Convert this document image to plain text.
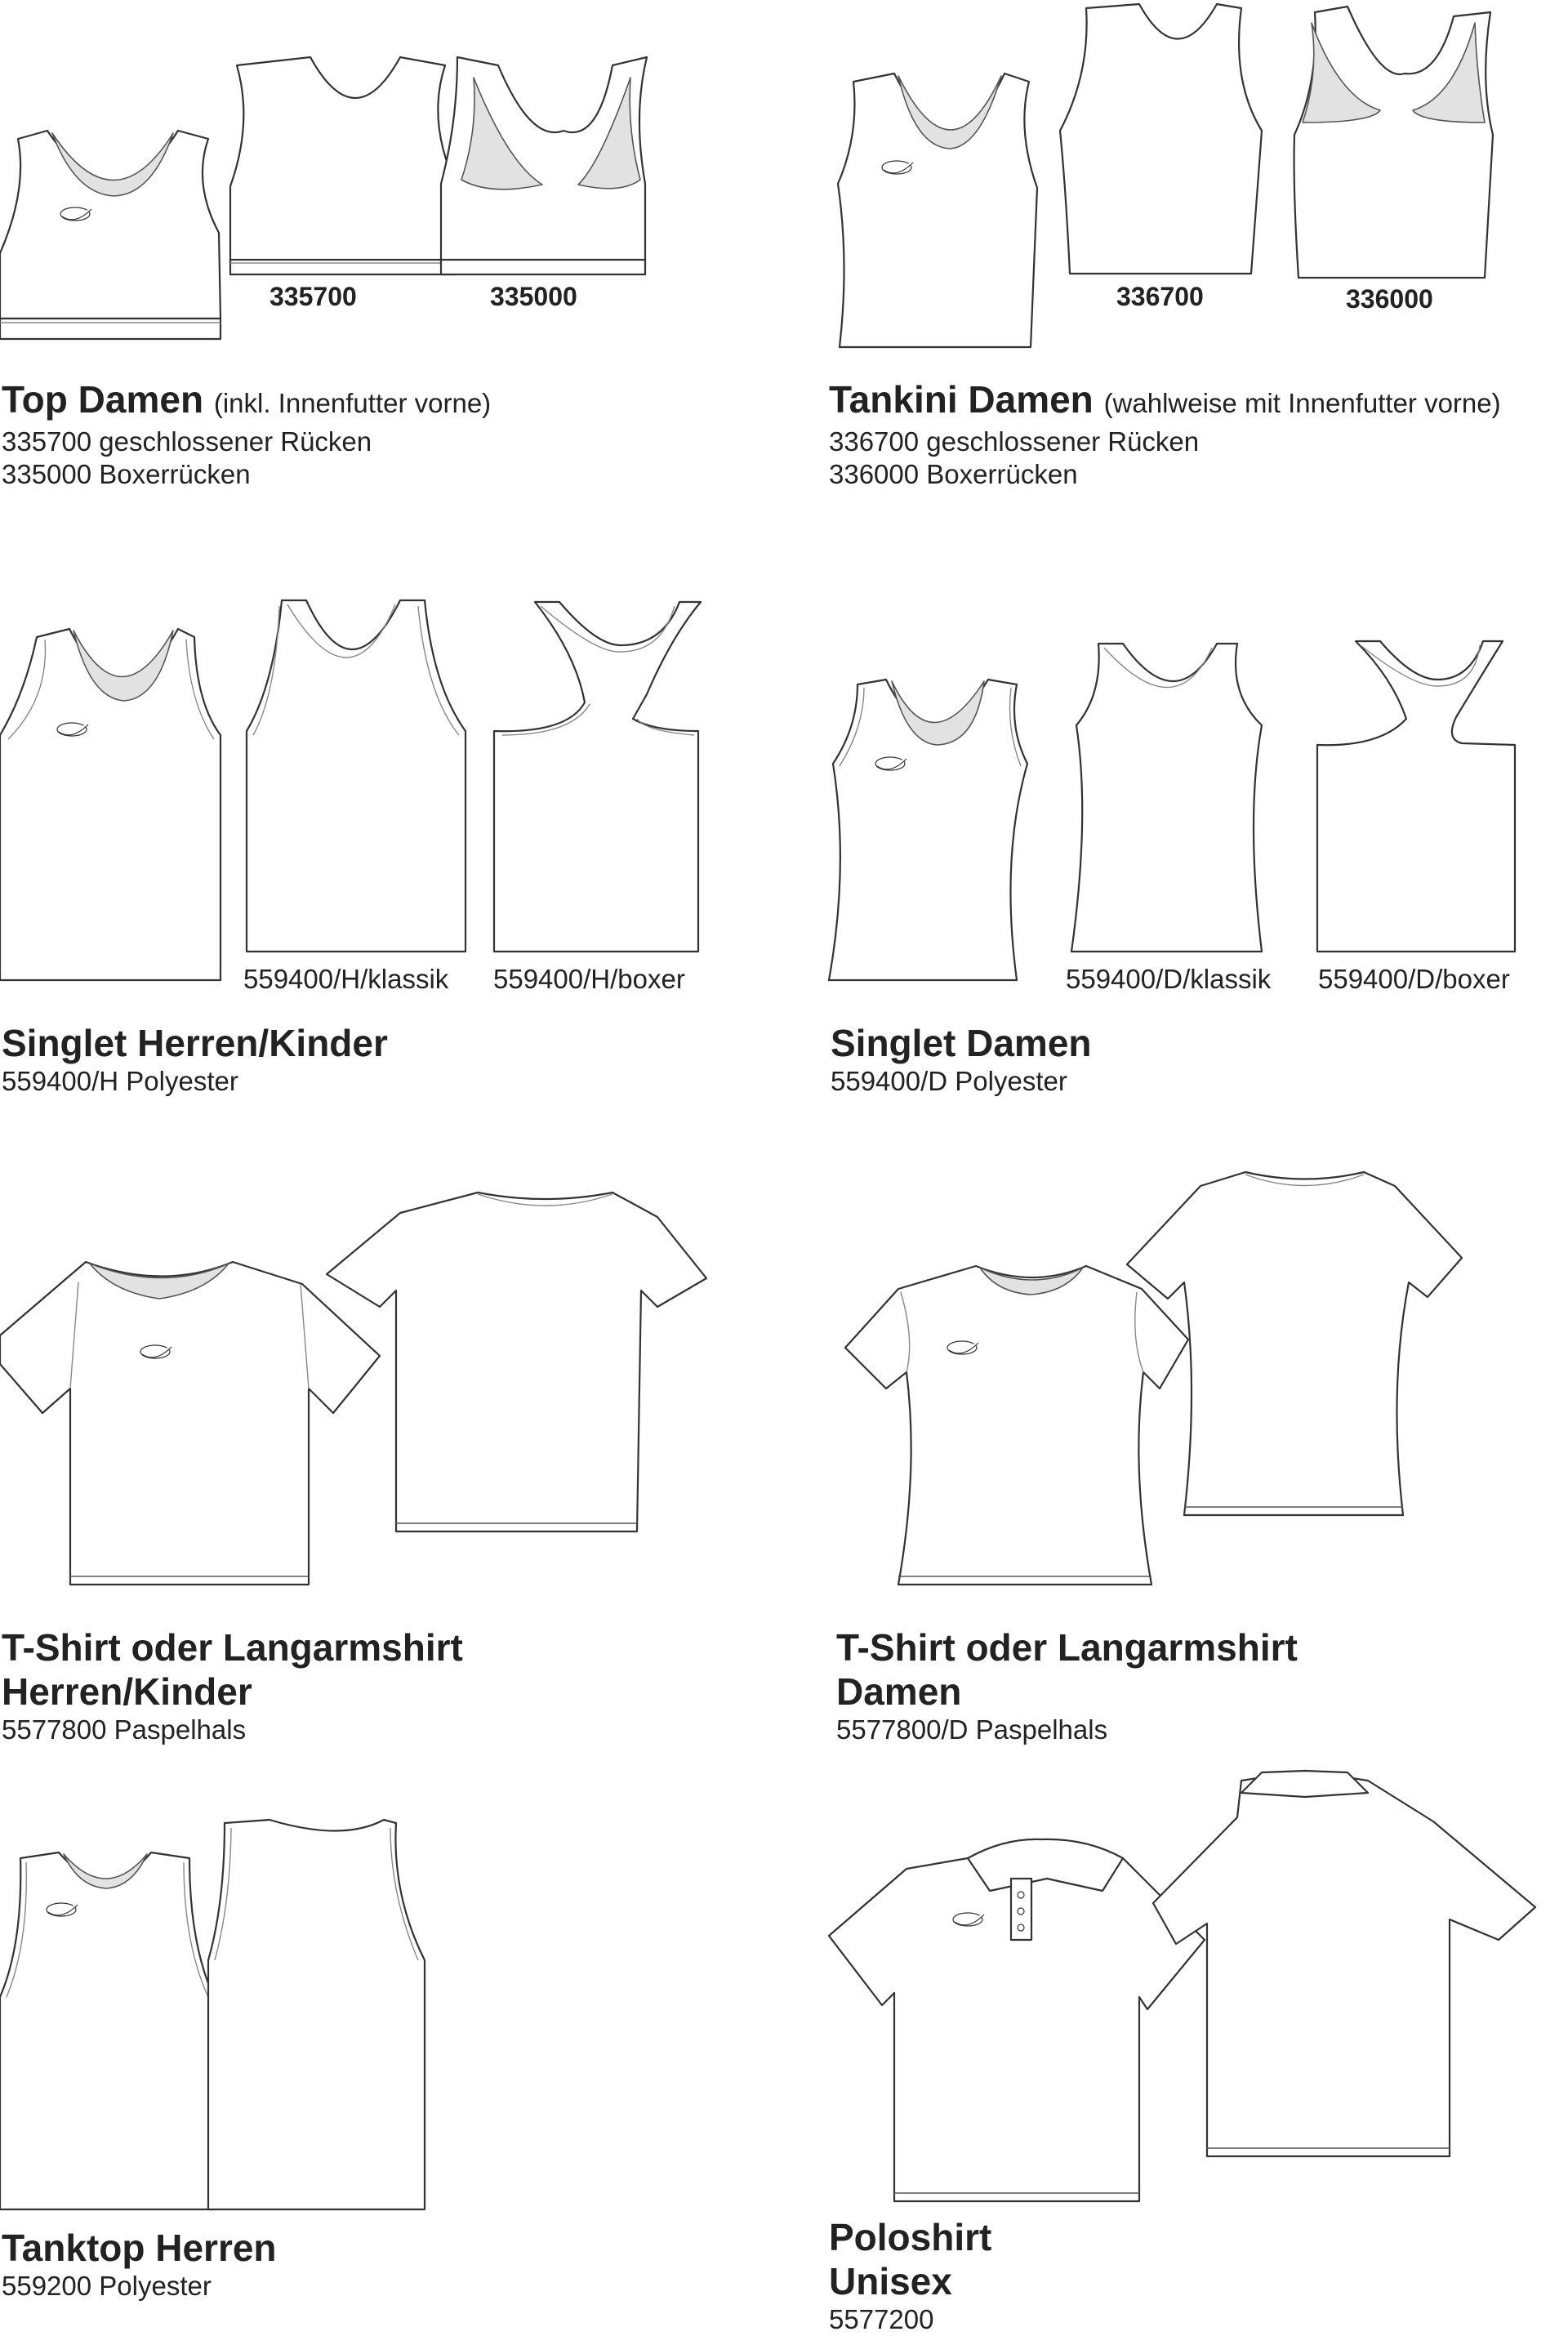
335700	335000	336700	336000
559400/H/klassik 559400/H/boxer	559400/D/klassik 559400/D/boxer
Top Damen (inkl. Innenfutter vorne)
335700 geschlossener Rücken
335000 Boxerrücken
Tankini Damen (wahlweise mit Innenfutter vorne)
336700 geschlossener Rücken
336000 Boxerrücken
Singlet Herren/Kinder
559400/H Polyester
Singlet Damen
559400/D Polyester
T-Shirt oder Langarmshirt
Herren/Kinder
5577800 Paspelhals
T-Shirt oder Langarmshirt
Damen
5577800/D Paspelhals
Tanktop Herren
559200 Polyester
Poloshirt
Unisex
5577200
